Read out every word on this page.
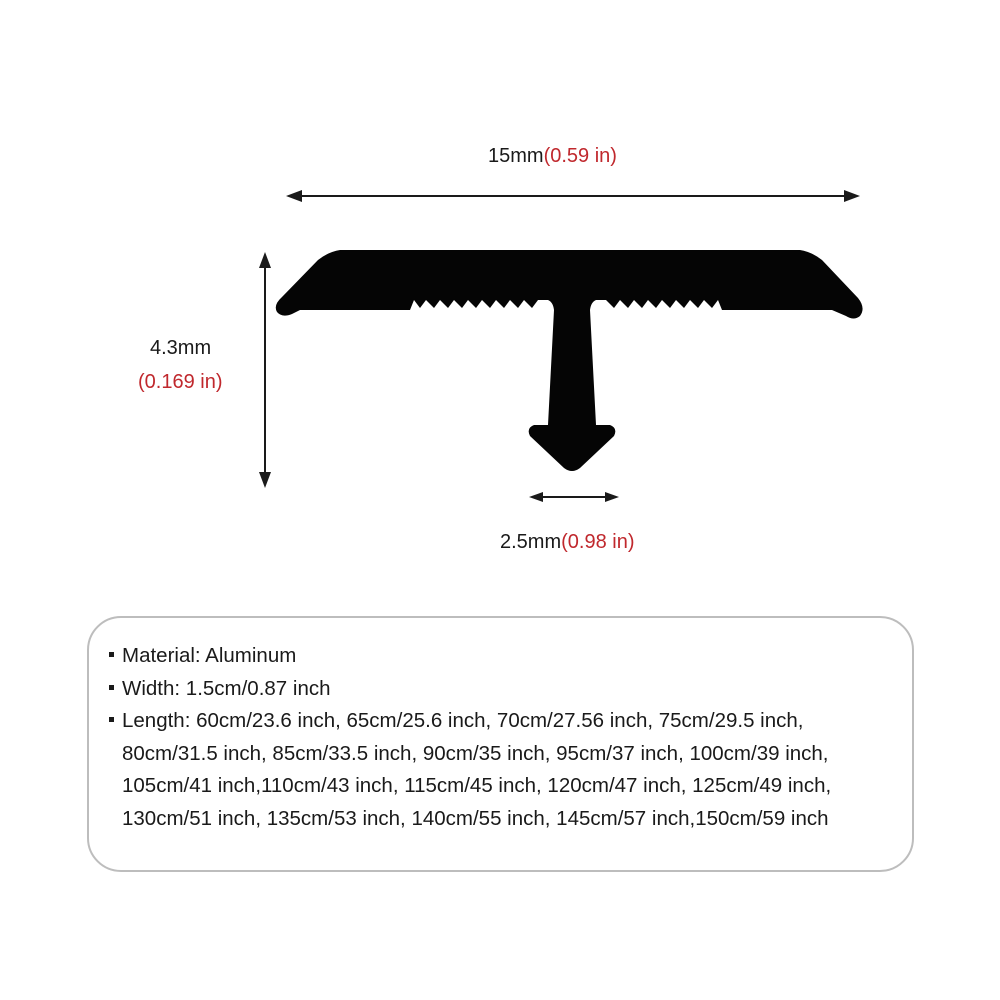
15mm(0.59 in)
4.3mm
(0.169 in)
2.5mm(0.98 in)
Material: Aluminum
Width: 1.5cm/0.87 inch
Length: 60cm/23.6 inch, 65cm/25.6 inch, 70cm/27.56 inch, 75cm/29.5 inch,
80cm/31.5 inch, 85cm/33.5 inch, 90cm/35 inch, 95cm/37 inch, 100cm/39 inch,
105cm/41 inch,110cm/43 inch, 115cm/45 inch, 120cm/47 inch, 125cm/49 inch,
130cm/51 inch, 135cm/53 inch, 140cm/55 inch, 145cm/57 inch,150cm/59 inch
